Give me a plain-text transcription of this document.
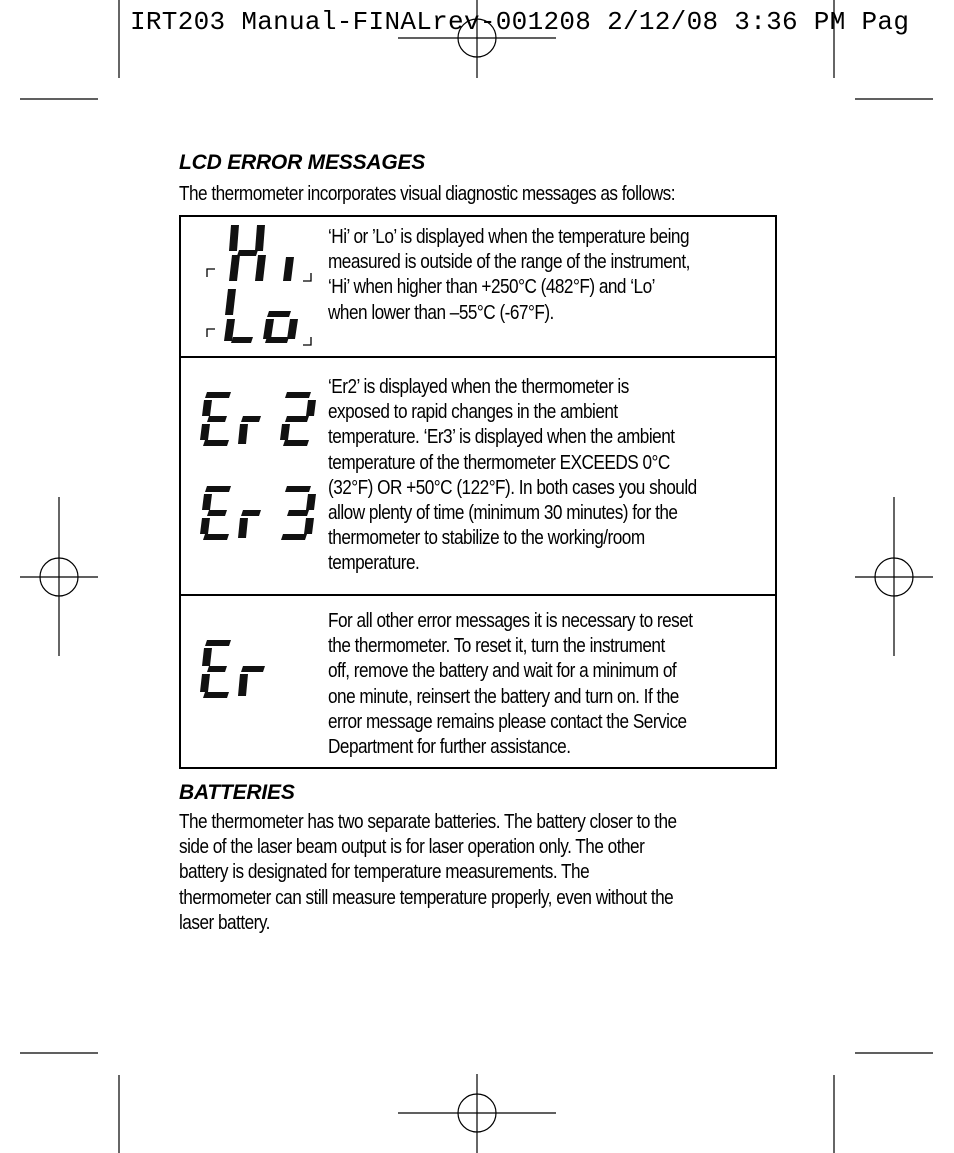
IRT203 Manual-FINALrev-001208 2/12/08 3:36 PM Pag
LCD ERROR MESSAGES
The thermometer incorporates visual diagnostic messages as follows:
‘Hi’ or ’Lo’ is displayed when the temperature being
measured is outside of the range of the instrument,
‘Hi’ when higher than +250°C (482°F) and ‘Lo’
when lower than –55°C (-67°F).
‘Er2’ is displayed when the thermometer is
exposed to rapid changes in the ambient
temperature. ‘Er3’ is displayed when the ambient
temperature of the thermometer EXCEEDS 0°C
(32°F) OR +50°C (122°F). In both cases you should
allow plenty of time (minimum 30 minutes) for the
thermometer to stabilize to the working/room
temperature.
For all other error messages it is necessary to reset
the thermometer. To reset it, turn the instrument
off, remove the battery and wait for a minimum of
one minute, reinsert the battery and turn on. If the
error message remains please contact the Service
Department for further assistance.
BATTERIES
The thermometer has two separate batteries. The battery closer to the
side of the laser beam output is for laser operation only. The other
battery is designated for temperature measurements. The
thermometer can still measure temperature properly, even without the
laser battery.
